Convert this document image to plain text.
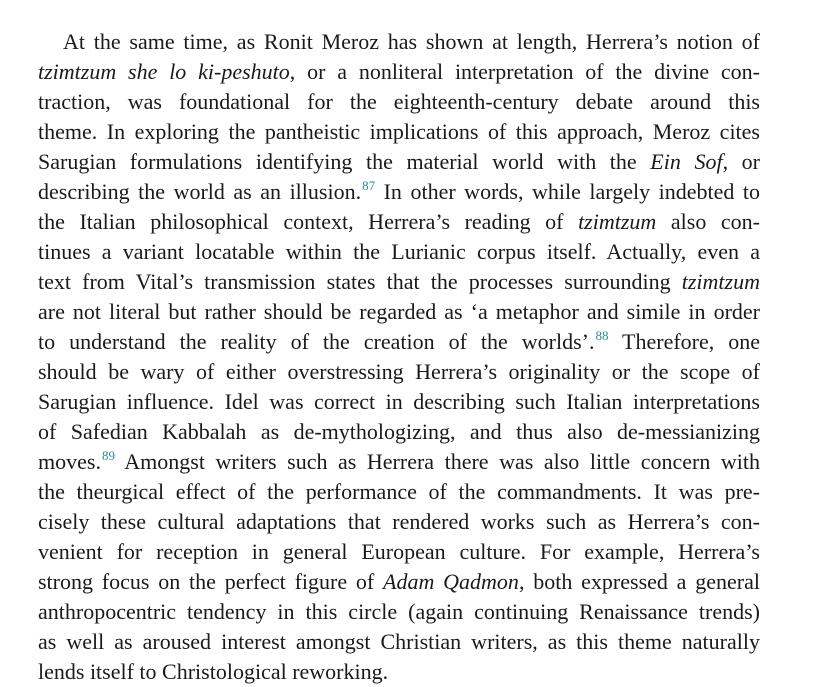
At the same time, as Ronit Meroz has shown at length, Herrera’s notion of
tzimtzum she lo ki-peshuto, or a nonliteral interpretation of the divine con-
traction, was foundational for the eighteenth-century debate around this
theme. In exploring the pantheistic implications of this approach, Meroz cites
Sarugian formulations identifying the material world with the Ein Sof, or
describing the world as an illusion.$^{87}$ In other words, while largely indebted to
the Italian philosophical context, Herrera’s reading of tzimtzum also con-
tinues a variant locatable within the Lurianic corpus itself. Actually, even a
text from Vital’s transmission states that the processes surrounding tzimtzum
are not literal but rather should be regarded as ‘a metaphor and simile in order
to understand the reality of the creation of the worlds’.$^{88}$ Therefore, one
should be wary of either overstressing Herrera’s originality or the scope of
Sarugian influence. Idel was correct in describing such Italian interpretations
of Safedian Kabbalah as de-mythologizing, and thus also de-messianizing
moves.$^{89}$ Amongst writers such as Herrera there was also little concern with
the theurgical effect of the performance of the commandments. It was pre-
cisely these cultural adaptations that rendered works such as Herrera’s con-
venient for reception in general European culture. For example, Herrera’s
strong focus on the perfect figure of Adam Qadmon, both expressed a general
anthropocentric tendency in this circle (again continuing Renaissance trends)
as well as aroused interest amongst Christian writers, as this theme naturally
lends itself to Christological reworking.
